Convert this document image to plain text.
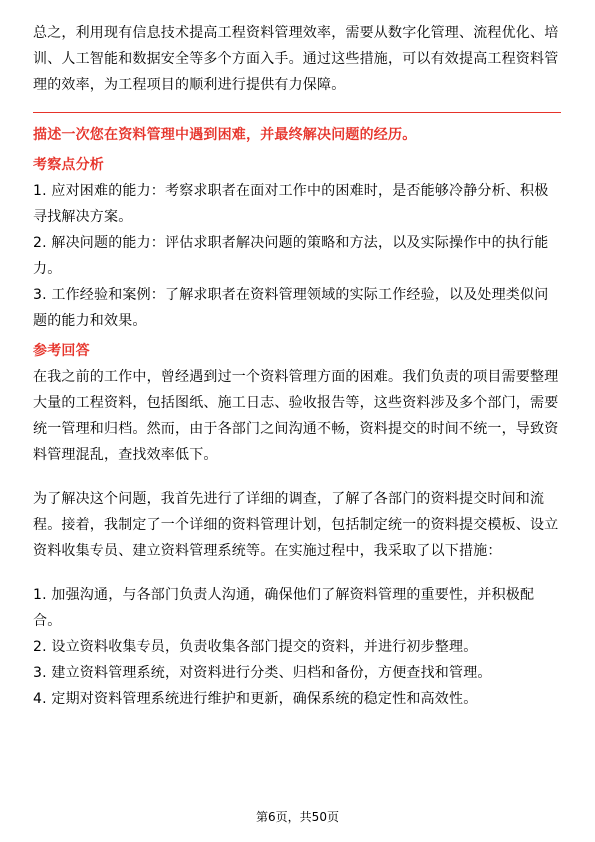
总之，利用现有信息技术提高工程资料管理效率，需要从数字化管理、流程优化、培训、人工智能和数据安全等多个方面入手。通过这些措施，可以有效提高工程资料管理的效率，为工程项目的顺利进行提供有力保障。

描述一次您在资料管理中遇到困难，并最终解决问题的经历。

考察点分析

1. 应对困难的能力：考察求职者在面对工作中的困难时，是否能够冷静分析、积极寻找解决方案。

2. 解决问题的能力：评估求职者解决问题的策略和方法，以及实际操作中的执行能力。

3. 工作经验和案例：了解求职者在资料管理领域的实际工作经验，以及处理类似问题的能力和效果。

参考回答

在我之前的工作中，曾经遇到过一个资料管理方面的困难。我们负责的项目需要整理大量的工程资料，包括图纸、施工日志、验收报告等，这些资料涉及多个部门，需要统一管理和归档。然而，由于各部门之间沟通不畅，资料提交的时间不统一，导致资料管理混乱，查找效率低下。

为了解决这个问题，我首先进行了详细的调查，了解了各部门的资料提交时间和流程。接着，我制定了一个详细的资料管理计划，包括制定统一的资料提交模板、设立资料收集专员、建立资料管理系统等。在实施过程中，我采取了以下措施：

1. 加强沟通，与各部门负责人沟通，确保他们了解资料管理的重要性，并积极配合。

2. 设立资料收集专员，负责收集各部门提交的资料，并进行初步整理。

3. 建立资料管理系统，对资料进行分类、归档和备份，方便查找和管理。

4. 定期对资料管理系统进行维护和更新，确保系统的稳定性和高效性。

第6页，共50页
